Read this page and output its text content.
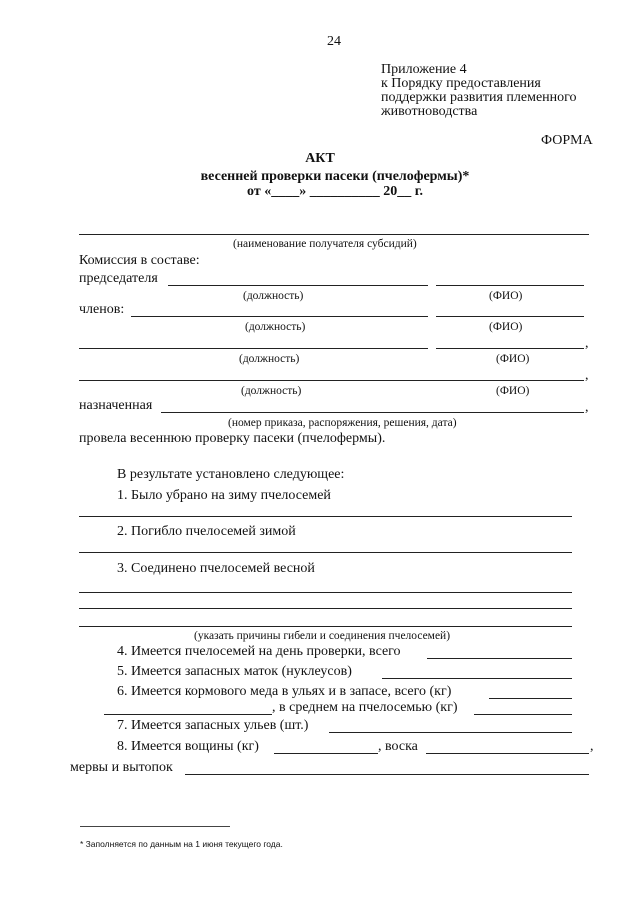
24
Приложение 4
к Порядку предоставления
поддержки развития племенного
животноводства
ФОРМА
АКТ
весенней проверки пасеки (пчелофермы)*
от «____» __________ 20__ г.
(наименование получателя субсидий)
Комиссия в составе:
председателя
(должность)	(ФИО)
членов:
(должность)	(ФИО)
,
(должность)	(ФИО)
,
(должность)	(ФИО)
назначенная	,
(номер приказа, распоряжения, решения, дата)
провела весеннюю проверку пасеки (пчелофермы).
В результате установлено следующее:
1. Было убрано на зиму пчелосемей
2. Погибло пчелосемей зимой
3. Соединено пчелосемей весной
(указать причины гибели и соединения пчелосемей)
4. Имеется пчелосемей на день проверки, всего
5. Имеется запасных маток (нуклеусов)
6. Имеется кормового меда в ульях и в запасе, всего (кг)
, в среднем на пчелосемью (кг)
7. Имеется запасных ульев (шт.)
8. Имеется вощины (кг)	, воска	,
мервы и вытопок
* Заполняется по данным на 1 июня текущего года.
